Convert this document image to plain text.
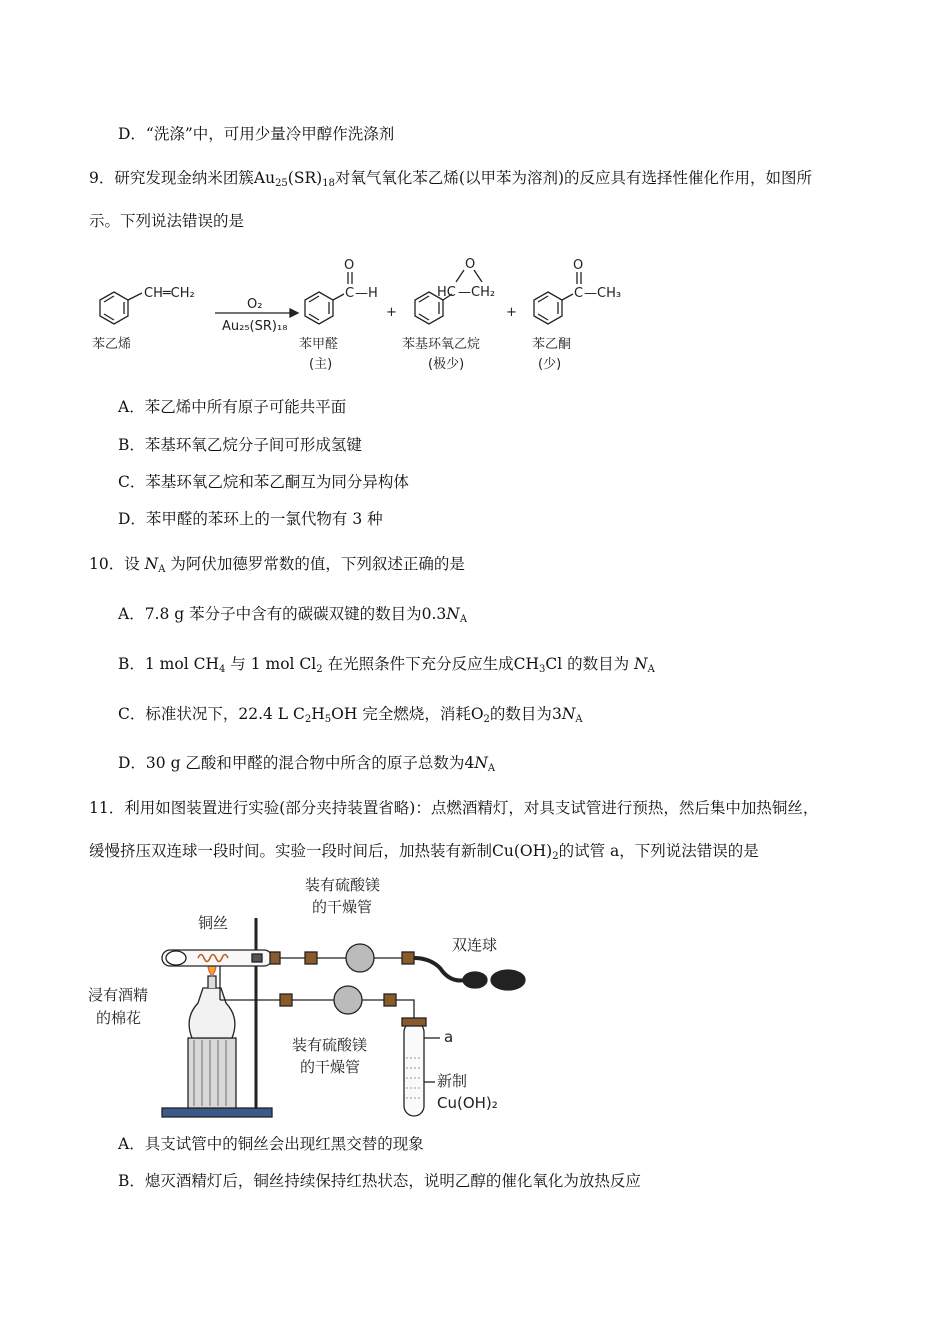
D．“洗涤”中，可用少量冷甲醇作洗涤剂
9．研究发现金纳米团簇$Au_{25}(SR)_{18}$对氧气氧化苯乙烯(以甲苯为溶剂)的反应具有选择性催化作用，如图所
示。下列说法错误的是
CH═CH₂
苯乙烯
O₂
Au₂₅(SR)₁₈
O
C —H
苯甲醛
(主)
+
O
HC —CH₂
苯基环氧乙烷
(极少)
+
O
C —CH₃
苯乙酮
(少)
A．苯乙烯中所有原子可能共平面
B．苯基环氧乙烷分子间可形成氢键
C．苯基环氧乙烷和苯乙酮互为同分异构体
D．苯甲醛的苯环上的一氯代物有 3 种
10．设 $N_A$ 为阿伏加德罗常数的值，下列叙述正确的是
A．7.8 g 苯分子中含有的碳碳双键的数目为$0.3N_A$
B．1 mol $CH_4$ 与 1 mol $Cl_2$ 在光照条件下充分反应生成$CH_3Cl$ 的数目为 $N_A$
C．标准状况下，22.4 L $C_2H_5OH$ 完全燃烧，消耗$O_2$的数目为$3N_A$
D．30 g 乙酸和甲醛的混合物中所含的原子总数为$4N_A$
11．利用如图装置进行实验(部分夹持装置省略)：点燃酒精灯，对具支试管进行预热，然后集中加热铜丝，
缓慢挤压双连球一段时间。实验一段时间后，加热装有新制$Cu(OH)_2$的试管 a，下列说法错误的是
铜丝
装有硫酸镁
的干燥管
双连球
浸有酒精
的棉花
装有硫酸镁
的干燥管
a
新制
Cu(OH)₂
A．具支试管中的铜丝会出现红黑交替的现象
B．熄灭酒精灯后，铜丝持续保持红热状态，说明乙醇的催化氧化为放热反应
